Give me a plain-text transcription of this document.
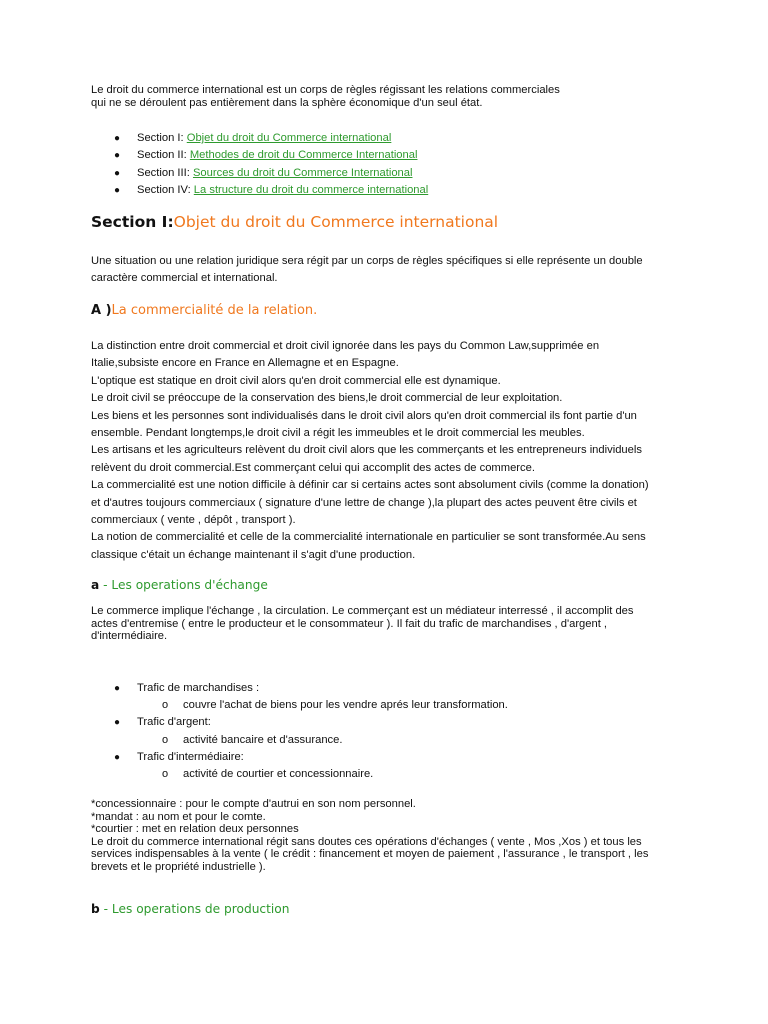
Le droit du commerce international est un corps de règles régissant les relations commerciales
qui ne se déroulent pas entièrement dans la sphère économique d'un seul état.

● Section I: Objet du droit du Commerce international
● Section II: Methodes de droit du Commerce International
● Section III: Sources du droit du Commerce International
● Section IV: La structure du droit du commerce international
Section I:Objet du droit du Commerce international

Une situation ou une relation juridique sera régit par un corps de règles spécifiques si elle représente un double
caractère commercial et international.

A )La commercialité de la relation.

La distinction entre droit commercial et droit civil ignorée dans les pays du Common Law,supprimée en
Italie,subsiste encore en France en Allemagne et en Espagne.
L'optique est statique en droit civil alors qu'en droit commercial elle est dynamique.
Le droit civil se préoccupe de la conservation des biens,le droit commercial de leur exploitation.
Les biens et les personnes sont individualisés dans le droit civil alors qu'en droit commercial ils font partie d'un
ensemble. Pendant longtemps,le droit civil a régit les immeubles et le droit commercial les meubles.
Les artisans et les agriculteurs relèvent du droit civil alors que les commerçants et les entrepreneurs individuels
relèvent du droit commercial.Est commerçant celui qui accomplit des actes de commerce.
La commercialité est une notion difficile à définir car si certains actes sont absolument civils (comme la donation)
et d'autres toujours commerciaux ( signature d'une lettre de change ),la plupart des actes peuvent être civils et
commerciaux ( vente , dépôt , transport ).
La notion de commercialité et celle de la commercialité internationale en particulier se sont transformée.Au sens
classique c'était un échange maintenant il s'agit d'une production.

a - Les operations d'échange

Le commerce implique l'échange , la circulation. Le commerçant est un médiateur interressé , il accomplit des
actes d'entremise ( entre le producteur et le consommateur ). Il fait du trafic de marchandises , d'argent ,
d'intermédiaire.

● Trafic de marchandises :
o couvre l'achat de biens pour les vendre aprés leur transformation.
● Trafic d'argent:
o activité bancaire et d'assurance.
● Trafic d'intermédiaire:
o activité de courtier et concessionnaire.

*concessionnaire : pour le compte d'autrui en son nom personnel.
*mandat : au nom et pour le comte.
*courtier : met en relation deux personnes
Le droit du commerce international régit sans doutes ces opérations d'échanges ( vente , Mos ,Xos ) et tous les
services indispensables à la vente ( le crédit : financement et moyen de paiement , l'assurance , le transport , les
brevets et le propriété industrielle ).

b - Les operations de production
